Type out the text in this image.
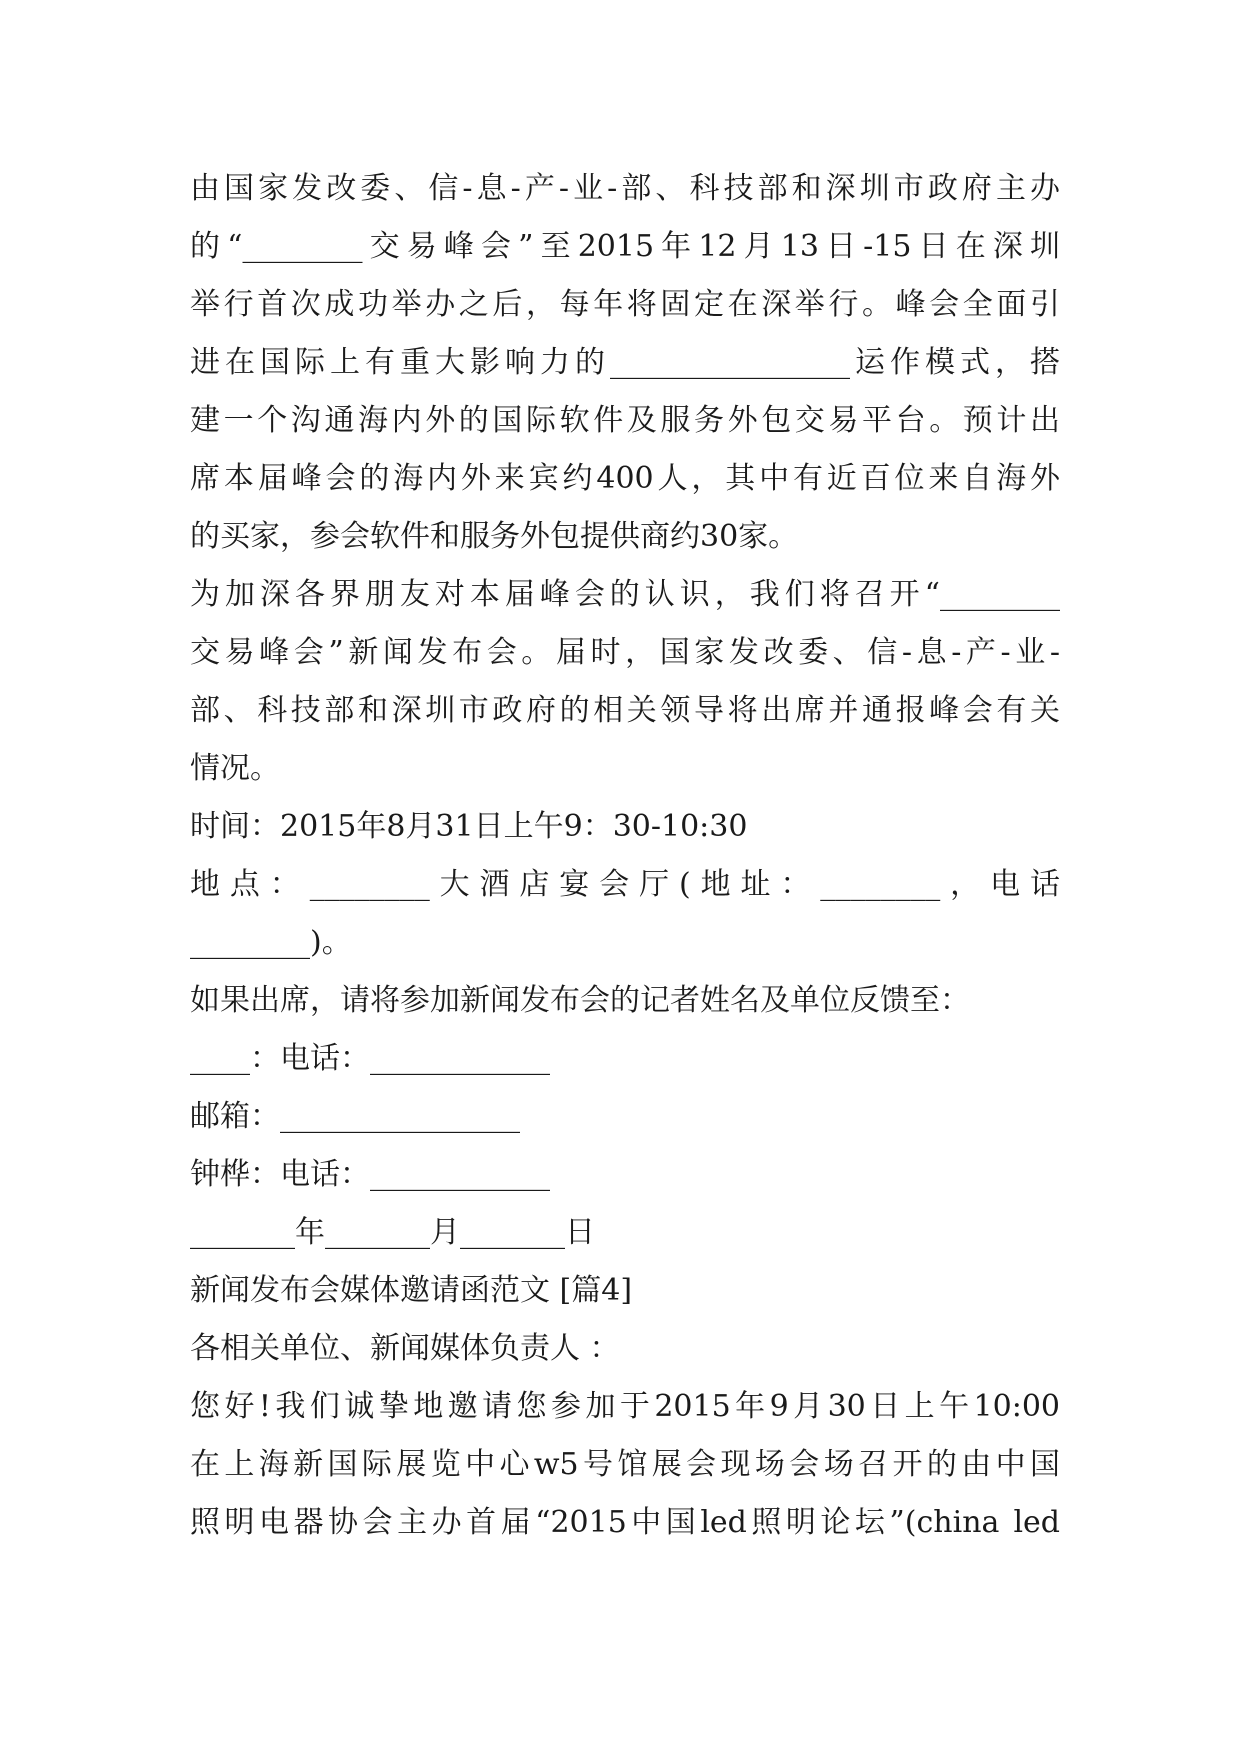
由国家发改委、信-息-产-业-部、科技部和深圳市政府主办
的“________交易峰会”至2015年12月13日-15日在深圳
举行首次成功举办之后，每年将固定在深举行。峰会全面引
进在国际上有重大影响力的________________运作模式，搭
建一个沟通海内外的国际软件及服务外包交易平台。预计出
席本届峰会的海内外来宾约400人，其中有近百位来自海外
的买家，参会软件和服务外包提供商约30家。
为加深各界朋友对本届峰会的认识，我们将召开“________
交易峰会”新闻发布会。届时，国家发改委、信-息-产-业-
部、科技部和深圳市政府的相关领导将出席并通报峰会有关
情况。
时间：2015年8月31日上午9：30-10:30
地点：________大酒店宴会厅(地址：________，电话
________)。
如果出席，请将参加新闻发布会的记者姓名及单位反馈至：
____：电话：____________
邮箱：________________
钟桦：电话：____________
_______年_______月_______日
新闻发布会媒体邀请函范文 [篇4]
各相关单位、新闻媒体负责人 ：
您好!我们诚挚地邀请您参加于2015年9月30日上午10:00
在上海新国际展览中心w5号馆展会现场会场召开的由中国
照明电器协会主办首届“2015中国led照明论坛”(china led
